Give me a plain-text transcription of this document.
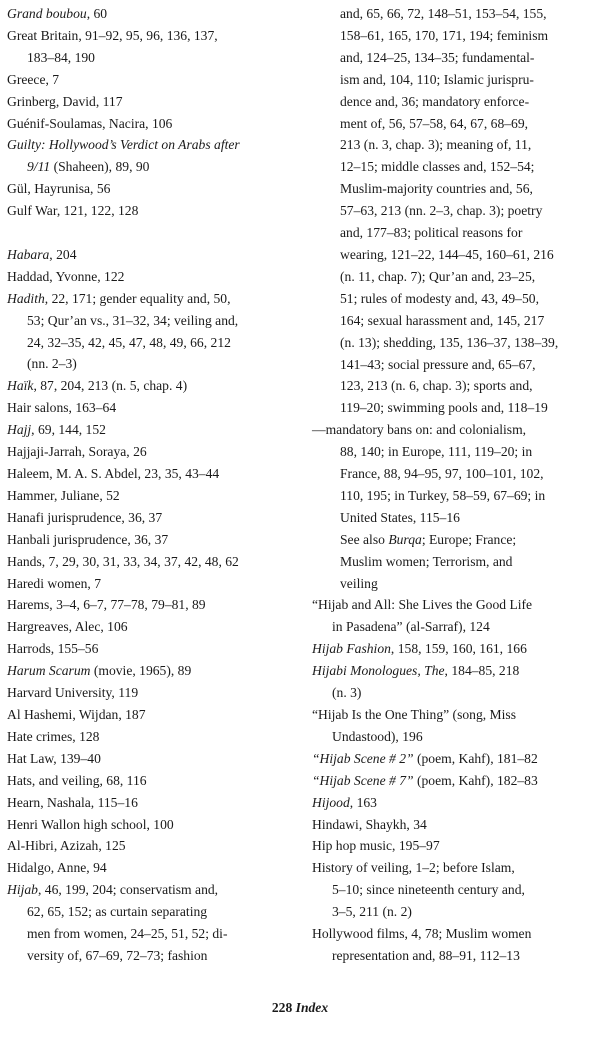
Grand boubou, 60
Great Britain, 91–92, 95, 96, 136, 137,
183–84, 190
Greece, 7
Grinberg, David, 117
Guénif-Soulamas, Nacira, 106
Guilty: Hollywood’s Verdict on Arabs after
9/11 (Shaheen), 89, 90
Gül, Hayrunisa, 56
Gulf War, 121, 122, 128
Habara, 204
Haddad, Yvonne, 122
Hadith, 22, 171; gender equality and, 50,
53; Qur’an vs., 31–32, 34; veiling and,
24, 32–35, 42, 45, 47, 48, 49, 66, 212
(nn. 2–3)
Haïk, 87, 204, 213 (n. 5, chap. 4)
Hair salons, 163–64
Hajj, 69, 144, 152
Hajjaji-Jarrah, Soraya, 26
Haleem, M. A. S. Abdel, 23, 35, 43–44
Hammer, Juliane, 52
Hanafi jurisprudence, 36, 37
Hanbali jurisprudence, 36, 37
Hands, 7, 29, 30, 31, 33, 34, 37, 42, 48, 62
Haredi women, 7
Harems, 3–4, 6–7, 77–78, 79–81, 89
Hargreaves, Alec, 106
Harrods, 155–56
Harum Scarum (movie, 1965), 89
Harvard University, 119
Al Hashemi, Wijdan, 187
Hate crimes, 128
Hat Law, 139–40
Hats, and veiling, 68, 116
Hearn, Nashala, 115–16
Henri Wallon high school, 100
Al-Hibri, Azizah, 125
Hidalgo, Anne, 94
Hijab, 46, 199, 204; conservatism and,
62, 65, 152; as curtain separating
men from women, 24–25, 51, 52; di-
versity of, 67–69, 72–73; fashion
and, 65, 66, 72, 148–51, 153–54, 155,
158–61, 165, 170, 171, 194; feminism
and, 124–25, 134–35; fundamental-
ism and, 104, 110; Islamic jurispru-
dence and, 36; mandatory enforce-
ment of, 56, 57–58, 64, 67, 68–69,
213 (n. 3, chap. 3); meaning of, 11,
12–15; middle classes and, 152–54;
Muslim-majority countries and, 56,
57–63, 213 (nn. 2–3, chap. 3); poetry
and, 177–83; political reasons for
wearing, 121–22, 144–45, 160–61, 216
(n. 11, chap. 7); Qur’an and, 23–25,
51; rules of modesty and, 43, 49–50,
164; sexual harassment and, 145, 217
(n. 13); shedding, 135, 136–37, 138–39,
141–43; social pressure and, 65–67,
123, 213 (n. 6, chap. 3); sports and,
119–20; swimming pools and, 118–19
—mandatory bans on: and colonialism,
88, 140; in Europe, 111, 119–20; in
France, 88, 94–95, 97, 100–101, 102,
110, 195; in Turkey, 58–59, 67–69; in
United States, 115–16
See also Burqa; Europe; France;
Muslim women; Terrorism, and
veiling
“Hijab and All: She Lives the Good Life
in Pasadena” (al-Sarraf), 124
Hijab Fashion, 158, 159, 160, 161, 166
Hijabi Monologues, The, 184–85, 218
(n. 3)
“Hijab Is the One Thing” (song, Miss
Undastood), 196
“Hijab Scene # 2” (poem, Kahf), 181–82
“Hijab Scene # 7” (poem, Kahf), 182–83
Hijood, 163
Hindawi, Shaykh, 34
Hip hop music, 195–97
History of veiling, 1–2; before Islam,
5–10; since nineteenth century and,
3–5, 211 (n. 2)
Hollywood films, 4, 78; Muslim women
representation and, 88–91, 112–13
228 Index
